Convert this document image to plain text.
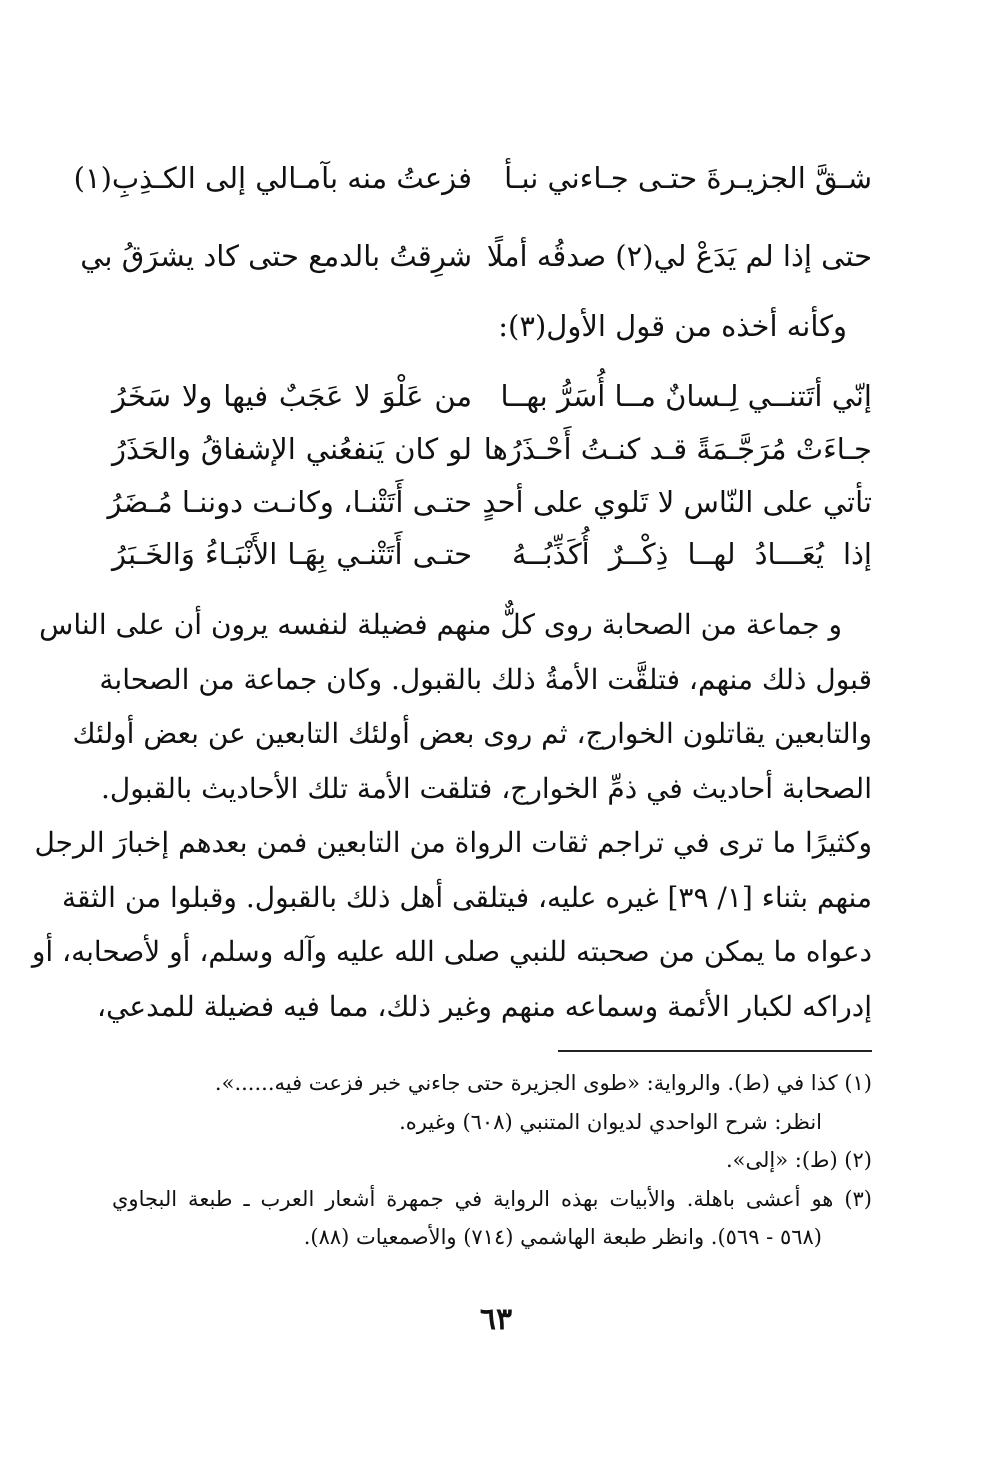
شـقَّ الجزيـرةَ حتـى جـاءني نبـأ
فزعتُ منه بآمـالي إلى الكـذِبِ(١)
حتى إذا لم يَدَعْ لي(٢) صدقُه أملًا
شرِقتُ بالدمع حتى كاد يشرَقُ بي
وكأنه أخذه من قول الأول(٣):
إنّي أتَتنــي لِـسانٌ مــا أُسَرُّ بهــا
من عَلْوَ لا عَجَبٌ فيها ولا سَخَرُ
جـاءَتْ مُرَجَّـمَةً قـد كنـتُ أَحْـذَرُها
لو كان يَنفعُني الإشفاقُ والحَذَرُ
تأتي على النّاس لا تَلوي على أحدٍ
حتـى أَتَتْنـا، وكانـت دوننـا مُـضَرُ
إذا يُعَـــادُ لهــا ذِكْــرٌ أُكَذِّبُــهُ
حتـى أَتَتْنـي بِهَـا الأَنْبَـاءُ وَالخَـبَرُ
و جماعة من الصحابة روى كلٌّ منهم فضيلة لنفسه يرون أن على الناس
قبول ذلك منهم، فتلقَّت الأمةُ ذلك بالقبول. وكان جماعة من الصحابة
والتابعين يقاتلون الخوارج، ثم روى بعض أولئك التابعين عن بعض أولئك
الصحابة أحاديث في ذمِّ الخوارج، فتلقت الأمة تلك الأحاديث بالقبول.
وكثيرًا ما ترى في تراجم ثقات الرواة من التابعين فمن بعدهم إخبارَ الرجل
منهم بثناء [١/ ٣٩] غيره عليه، فيتلقى أهل ذلك بالقبول. وقبلوا من الثقة
دعواه ما يمكن من صحبته للنبي صلى الله عليه وآله وسلم، أو لأصحابه، أو
إدراكه لكبار الأئمة وسماعه منهم وغير ذلك، مما فيه فضيلة للمدعي،
(١) كذا في (ط). والرواية: «طوى الجزيرة حتى جاءني خبر فزعت فيه......».
انظر: شرح الواحدي لديوان المتنبي (٦٠٨) وغيره.
(٢) (ط): «إلى».
(٣) هو أعشى باهلة. والأبيات بهذه الرواية في جمهرة أشعار العرب ـ طبعة البجاوي
(٥٦٨ - ٥٦٩). وانظر طبعة الهاشمي (٧١٤) والأصمعيات (٨٨).
٦٣
